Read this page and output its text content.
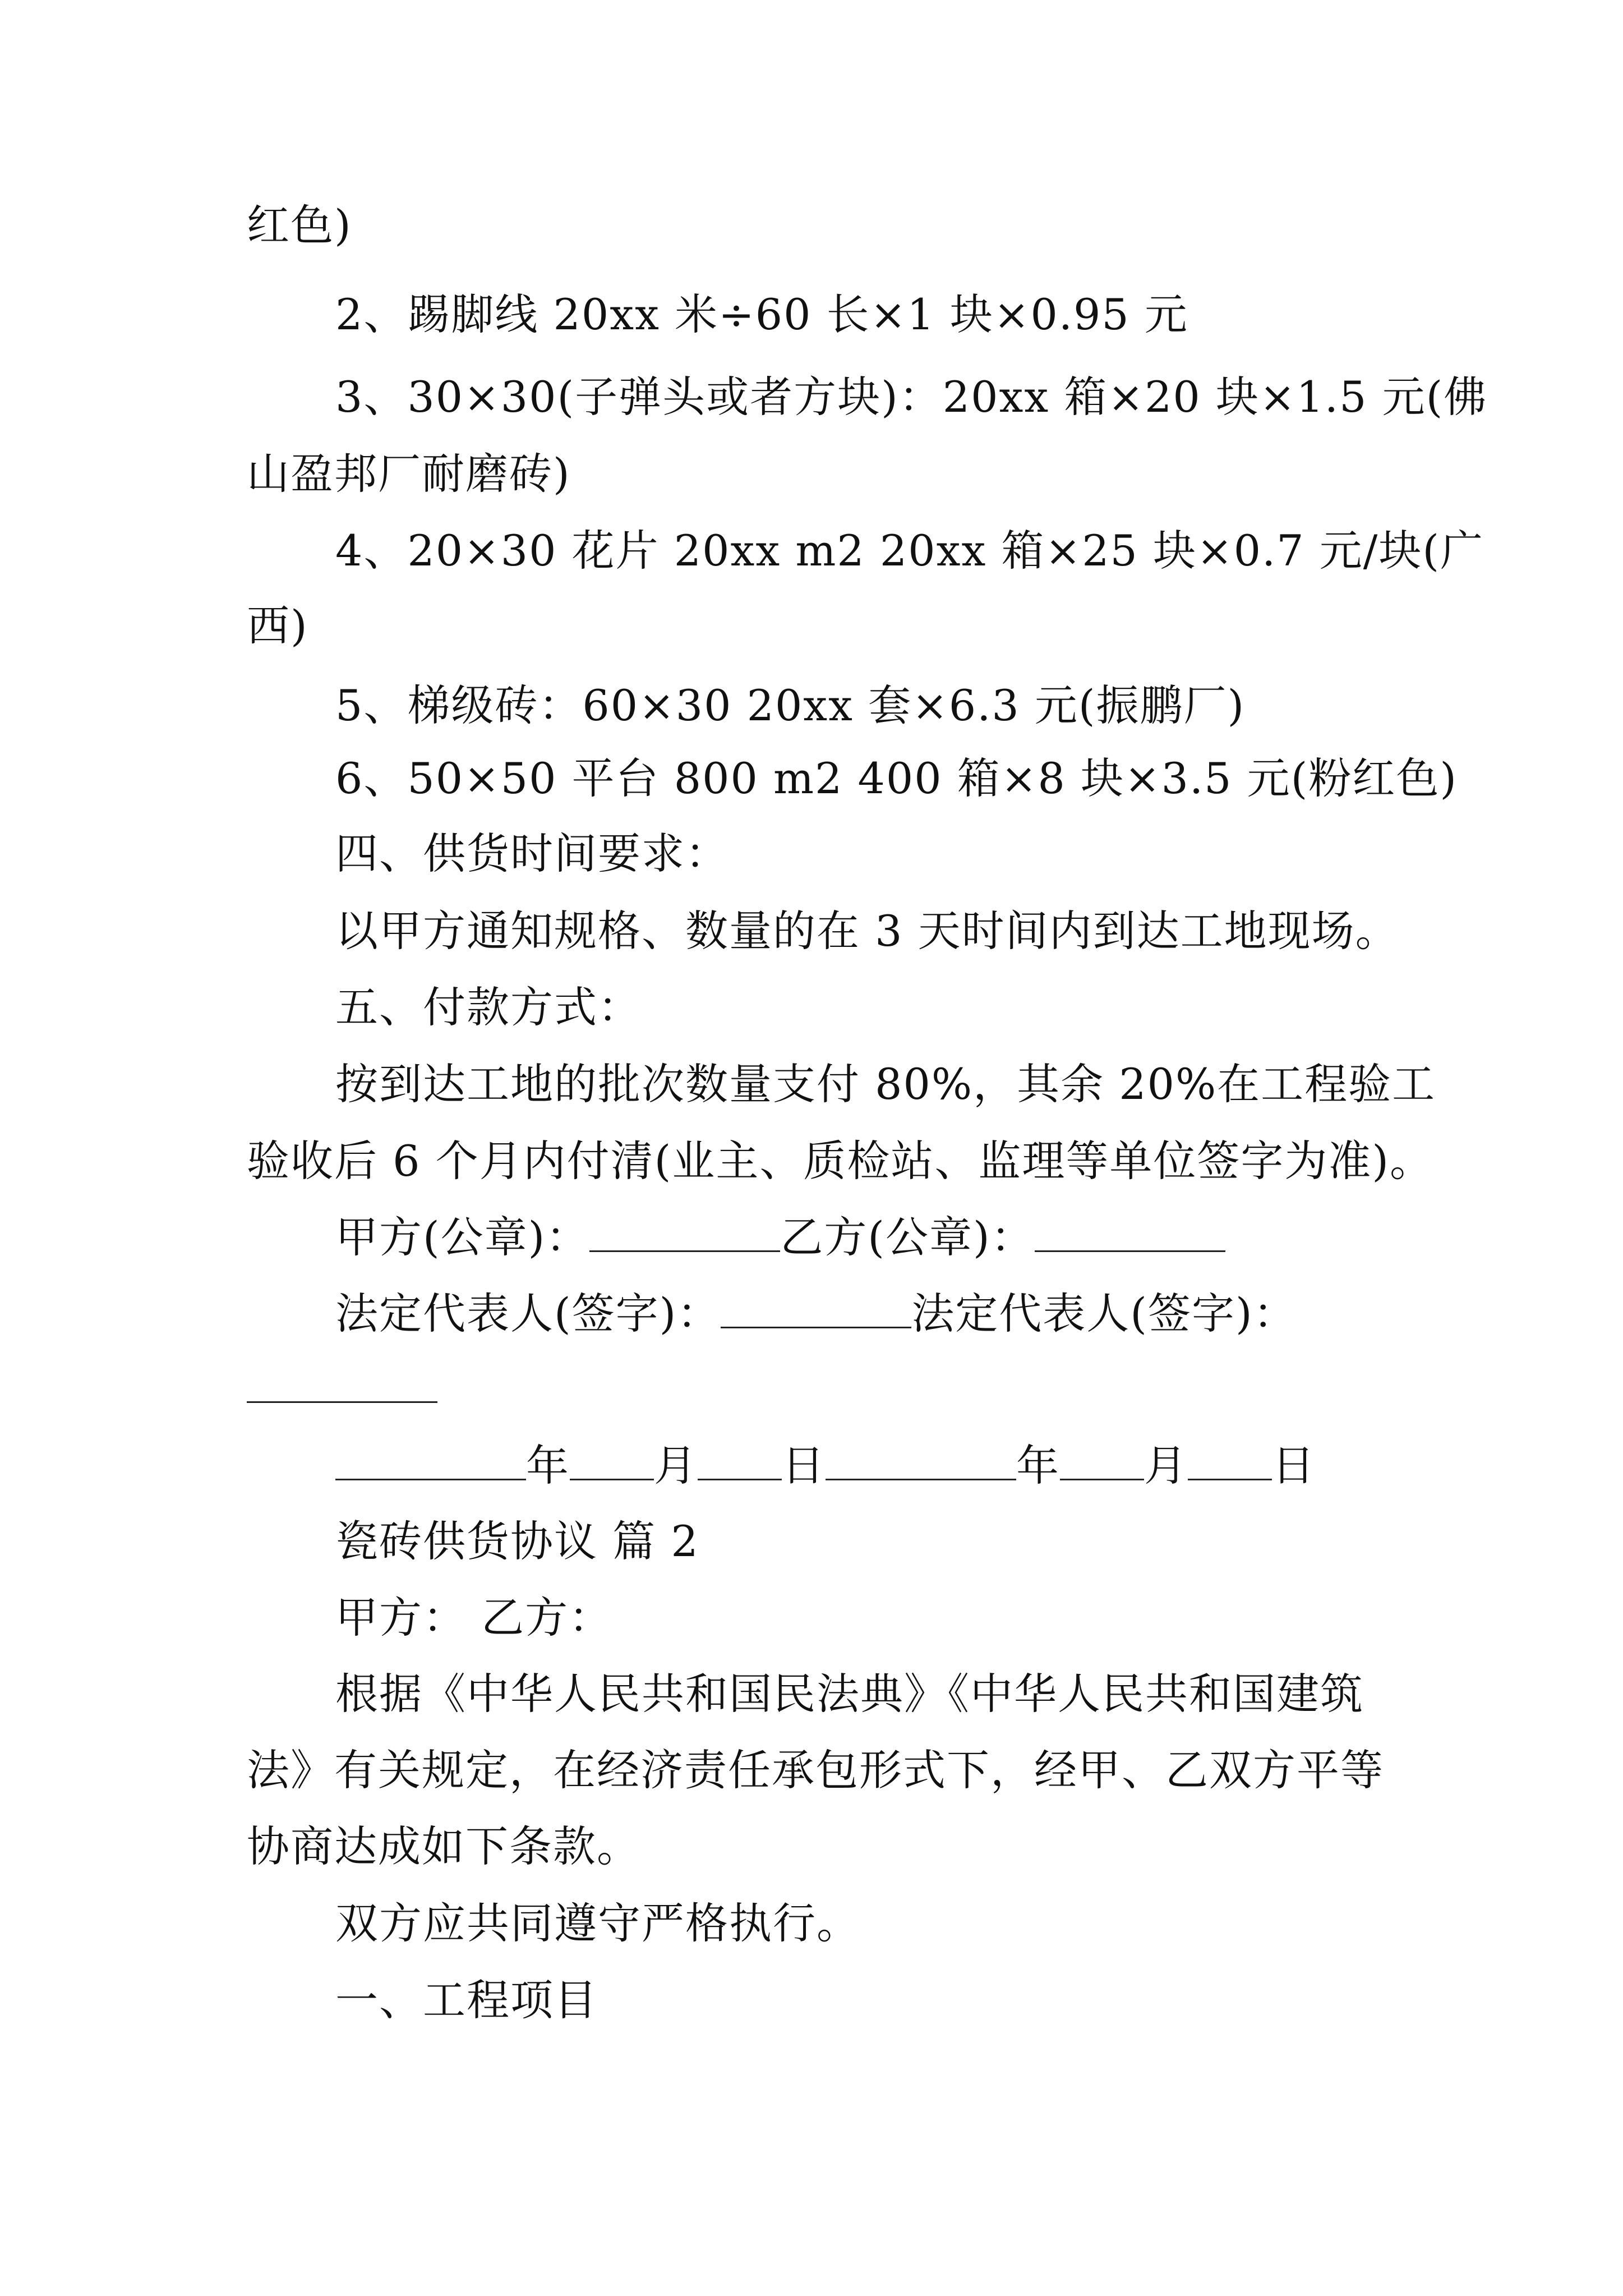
红色)
2、踢脚线 20xx 米÷60 长×1 块×0.95 元
3、30×30(子弹头或者方块)：20xx 箱×20 块×1.5 元(佛
山盈邦厂耐磨砖)
4、20×30 花片 20xx m2 20xx 箱×25 块×0.7 元/块(广
西)
5、梯级砖：60×30 20xx 套×6.3 元(振鹏厂)
6、50×50 平台 800 m2 400 箱×8 块×3.5 元(粉红色)
四、供货时间要求：
以甲方通知规格、数量的在 3 天时间内到达工地现场。
五、付款方式：
按到达工地的批次数量支付 80%，其余 20%在工程验工
验收后 6 个月内付清(业主、质检站、监理等单位签字为准)。
甲方(公章)：	乙方(公章)：
法定代表人(签字)：	法定代表人(签字)：
年 月 日	年 月 日
瓷砖供货协议 篇 2
甲方： 乙方：
根据《中华人民共和国民法典》《中华人民共和国建筑
法》有关规定，在经济责任承包形式下，经甲、乙双方平等
协商达成如下条款。
双方应共同遵守严格执行。
一、工程项目
